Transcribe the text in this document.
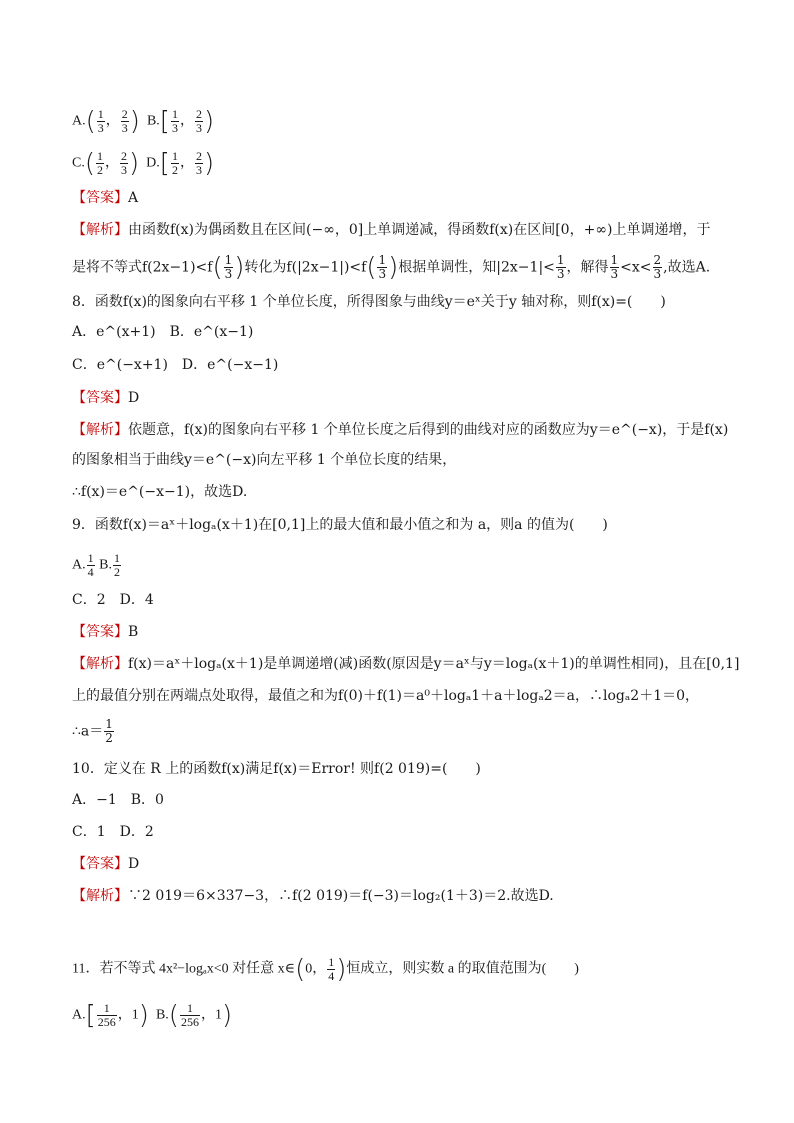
$A.( \frac{1}{3}$ ， $\frac{2}{3}$ ) $B.[ \frac{1}{3}$ ， $\frac{2}{3}$ )
$C.( \frac{1}{2}$ ， $\frac{2}{3}$ ) $D.[ \frac{1}{2}$ ， $\frac{2}{3}$ )
【答案】A
【解析】由函数f(x)为偶函数且在区间(−∞，0]上单调递减，得函数f(x)在区间[0，+∞)上单调递增，于
是将不等式$f(2x-1)<f( \frac{1}{3}$ )转化为$f(|2x-1|)<f( \frac{1}{3}$ )根据单调性，知$|2x-1|< \frac{1}{3}$ ，解得 $\frac{1}{3} <x< \frac{2}{3}$ ,故选A.
8．函数f(x)的图象向右平移 1 个单位长度，所得图象与曲线y＝eˣ关于y 轴对称，则f(x)=(　　)
A．e^(x+1)　B．e^(x−1)
C．e^(−x+1)　D．e^(−x−1)
【答案】D
【解析】依题意，f(x)的图象向右平移 1 个单位长度之后得到的曲线对应的函数应为y＝e^(−x)，于是f(x)
的图象相当于曲线y＝e^(−x)向左平移 1 个单位长度的结果，
∴f(x)＝e^(−x−1)，故选D.
9．函数f(x)＝aˣ＋logₐ(x＋1)在[0,1]上的最大值和最小值之和为 a，则a 的值为(　　)
A. $\frac{1}{4} B$. $\frac{1}{2}$
C．2　D．4
【答案】B
【解析】f(x)＝aˣ＋logₐ(x＋1)是单调递增(减)函数(原因是y＝aˣ与y＝logₐ(x＋1)的单调性相同)，且在[0,1]
上的最值分别在两端点处取得，最值之和为f(0)＋f(1)＝a⁰＋logₐ1＋a＋logₐ2＝a，∴logₐ2＋1＝0，
∴a＝ $\frac{1}{2}$
10．定义在 R 上的函数f(x)满足f(x)＝Error! 则f(2 019)=(　　)
A．−1　B．0
C．1　D．2
【答案】D
【解析】∵2 019＝6×337−3，∴f(2 019)＝f(−3)＝log₂(1＋3)＝2.故选D.
11．若不等式 4x²−logₐx<0 对任意 x∈(0， $\frac{1}{4}$ )恒成立，则实数 a 的取值范围为(　　)
$A.[ \frac{1}{256}$ ，1) $B.( \frac{1}{256}$ ，1)
